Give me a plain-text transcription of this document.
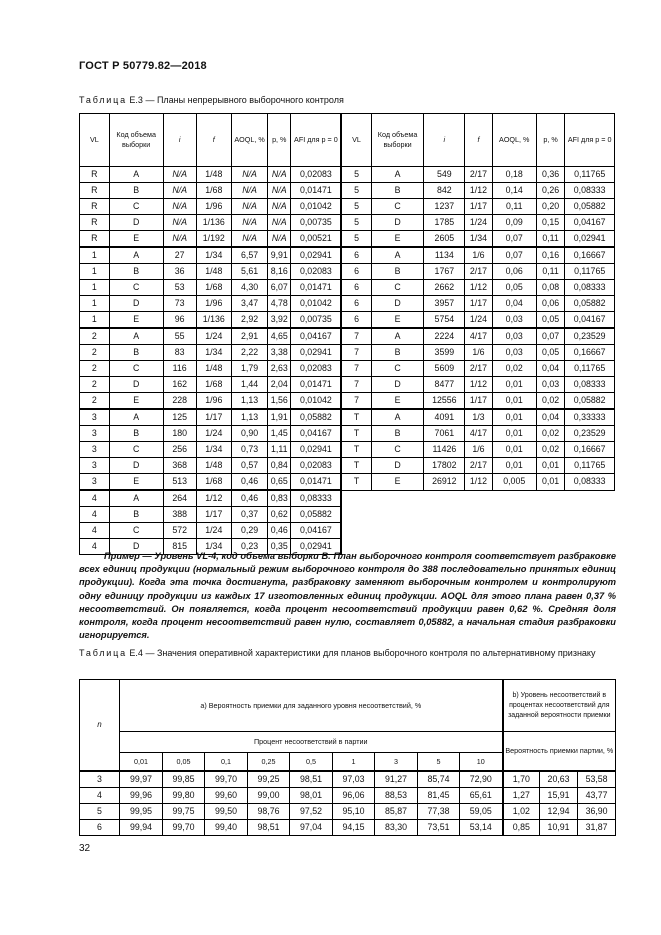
ГОСТ Р 50779.82—2018
Таблица Е.3 — Планы непрерывного выборочного контроля
VL	Код объема выборки	i	f	AOQL, %	p, %	AFI для p = 0	VL	Код объема выборки	i	f	AOQL, %	p, %	AFI для p = 0
R	A	N/A	1/48	N/A	N/A	0,02083	5	A	549	2/17	0,18	0,36	0,11765
R	B	N/A	1/68	N/A	N/A	0,01471	5	B	842	1/12	0,14	0,26	0,08333
R	C	N/A	1/96	N/A	N/A	0,01042	5	C	1237	1/17	0,11	0,20	0,05882
R	D	N/A	1/136	N/A	N/A	0,00735	5	D	1785	1/24	0,09	0,15	0,04167
R	E	N/A	1/192	N/A	N/A	0,00521	5	E	2605	1/34	0,07	0,11	0,02941
1	A	27	1/34	6,57	9,91	0,02941	6	A	1134	1/6	0,07	0,16	0,16667
1	B	36	1/48	5,61	8,16	0,02083	6	B	1767	2/17	0,06	0,11	0,11765
1	C	53	1/68	4,30	6,07	0,01471	6	C	2662	1/12	0,05	0,08	0,08333
1	D	73	1/96	3,47	4,78	0,01042	6	D	3957	1/17	0,04	0,06	0,05882
1	E	96	1/136	2,92	3,92	0,00735	6	E	5754	1/24	0,03	0,05	0,04167
2	A	55	1/24	2,91	4,65	0,04167	7	A	2224	4/17	0,03	0,07	0,23529
2	B	83	1/34	2,22	3,38	0,02941	7	B	3599	1/6	0,03	0,05	0,16667
2	C	116	1/48	1,79	2,63	0,02083	7	C	5609	2/17	0,02	0,04	0,11765
2	D	162	1/68	1,44	2,04	0,01471	7	D	8477	1/12	0,01	0,03	0,08333
2	E	228	1/96	1,13	1,56	0,01042	7	E	12556	1/17	0,01	0,02	0,05882
3	A	125	1/17	1,13	1,91	0,05882	T	A	4091	1/3	0,01	0,04	0,33333
3	B	180	1/24	0,90	1,45	0,04167	T	B	7061	4/17	0,01	0,02	0,23529
3	C	256	1/34	0,73	1,11	0,02941	T	C	11426	1/6	0,01	0,02	0,16667
3	D	368	1/48	0,57	0,84	0,02083	T	D	17802	2/17	0,01	0,01	0,11765
3	E	513	1/68	0,46	0,65	0,01471	T	E	26912	1/12	0,005	0,01	0,08333
4	A	264	1/12	0,46	0,83	0,08333							
4	B	388	1/17	0,37	0,62	0,05882							
4	C	572	1/24	0,29	0,46	0,04167							
4	D	815	1/34	0,23	0,35	0,02941							
Пример — Уровень VL-4, код объема выборки В. План выборочного контроля соответствует разбраковке всех единиц продукции (нормальный режим выборочного контроля до 388 последовательно принятых единиц продукции). Когда эта точка достигнута, разбраковку заменяют выборочным контролем и контролируют одну единицу продукции из каждых 17 изготовленных единиц продукции. AOQL для этого плана равен 0,37 % несоответствий. Он появляется, когда процент несоответствий продукции равен 0,62 %. Средняя доля контроля, когда процент несоответствий равен нулю, составляет 0,05882, а начальная стадия разбраковки игнорируется.
Таблица Е.4 — Значения оперативной характеристики для планов выборочного контроля по альтернативному признаку
n	а) Вероятность приемки для заданного уровня несоответствий, %									b) Уровень несоответствий в процентах несоответствий для заданной вероятности приемки		
	Процент несоответствий в партии									Вероятность приемки партии, %		
	0,01	0,05	0,1	0,25	0,5	1	3	5	10			
3	99,97	99,85	99,70	99,25	98,51	97,03	91,27	85,74	72,90	1,70	20,63	53,58
4	99,96	99,80	99,60	99,00	98,01	96,06	88,53	81,45	65,61	1,27	15,91	43,77
5	99,95	99,75	99,50	98,76	97,52	95,10	85,87	77,38	59,05	1,02	12,94	36,90
6	99,94	99,70	99,40	98,51	97,04	94,15	83,30	73,51	53,14	0,85	10,91	31,87
32
